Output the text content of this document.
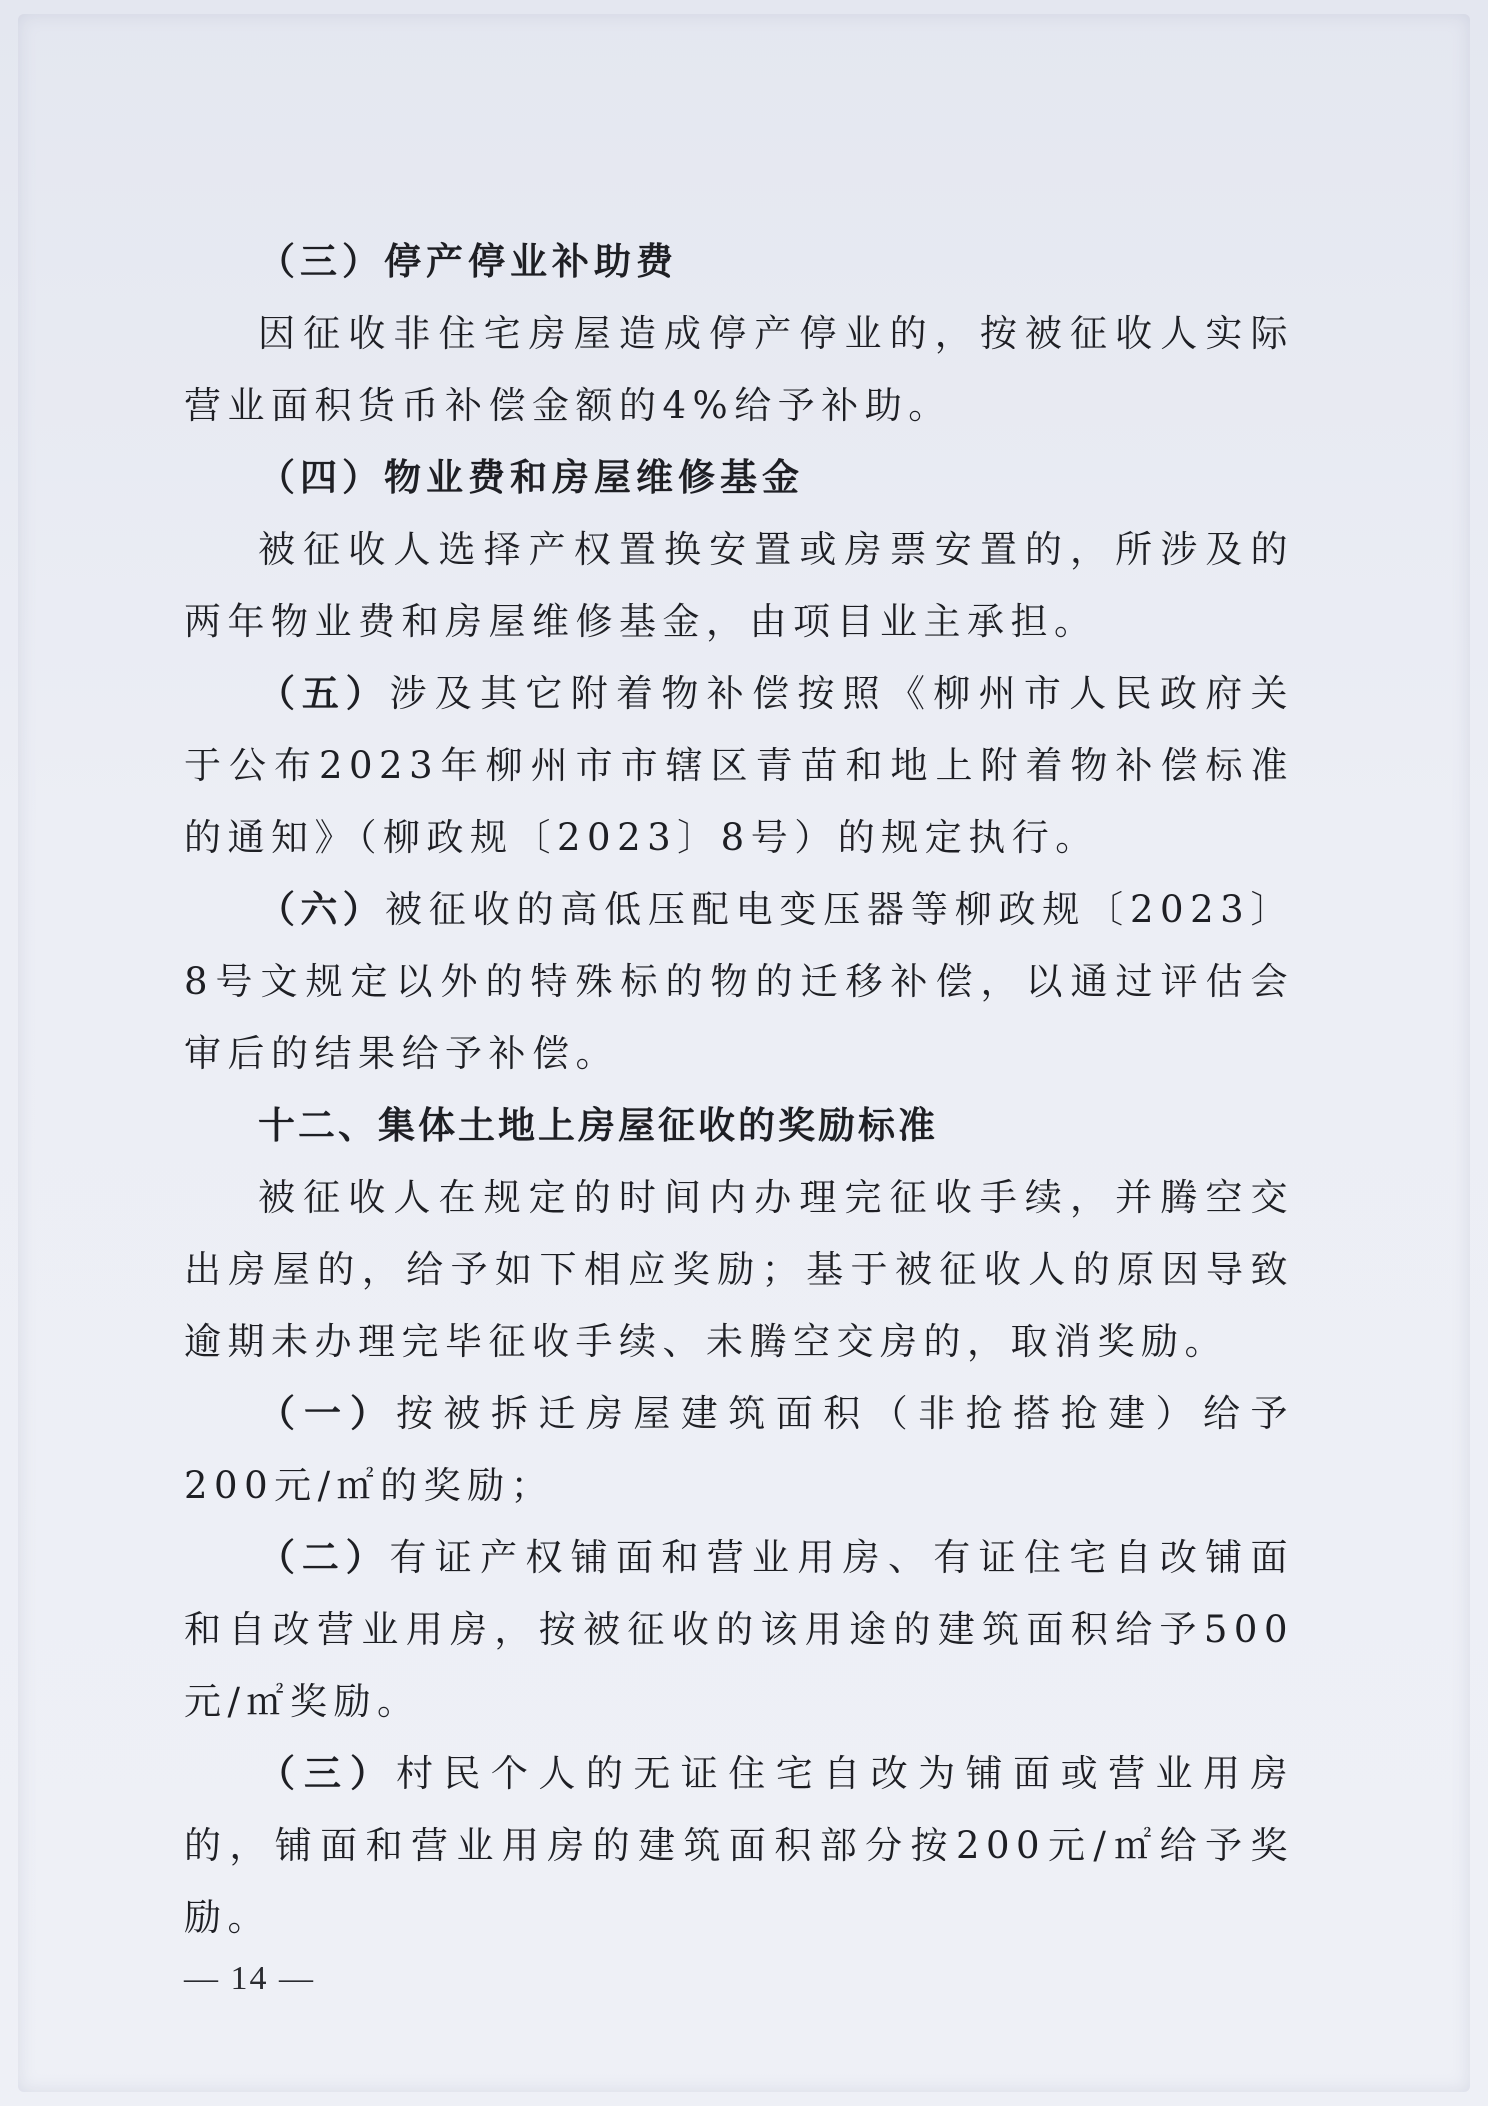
（三）停产停业补助费

因征收非住宅房屋造成停产停业的，按被征收人实际营业面积货币补偿金额的4%给予补助。

（四）物业费和房屋维修基金

被征收人选择产权置换安置或房票安置的，所涉及的两年物业费和房屋维修基金，由项目业主承担。

（五）涉及其它附着物补偿按照《柳州市人民政府关于公布2023年柳州市市辖区青苗和地上附着物补偿标准的通知》（柳政规〔2023〕8号）的规定执行。

（六）被征收的高低压配电变压器等柳政规〔2023〕8号文规定以外的特殊标的物的迁移补偿，以通过评估会审后的结果给予补偿。

十二、集体土地上房屋征收的奖励标准

被征收人在规定的时间内办理完征收手续，并腾空交出房屋的，给予如下相应奖励；基于被征收人的原因导致逾期未办理完毕征收手续、未腾空交房的，取消奖励。

（一）按被拆迁房屋建筑面积（非抢搭抢建）给予200元/㎡的奖励；

（二）有证产权铺面和营业用房、有证住宅自改铺面和自改营业用房，按被征收的该用途的建筑面积给予500元/㎡奖励。

（三）村民个人的无证住宅自改为铺面或营业用房的，铺面和营业用房的建筑面积部分按200元/㎡给予奖励。

— 14 —
